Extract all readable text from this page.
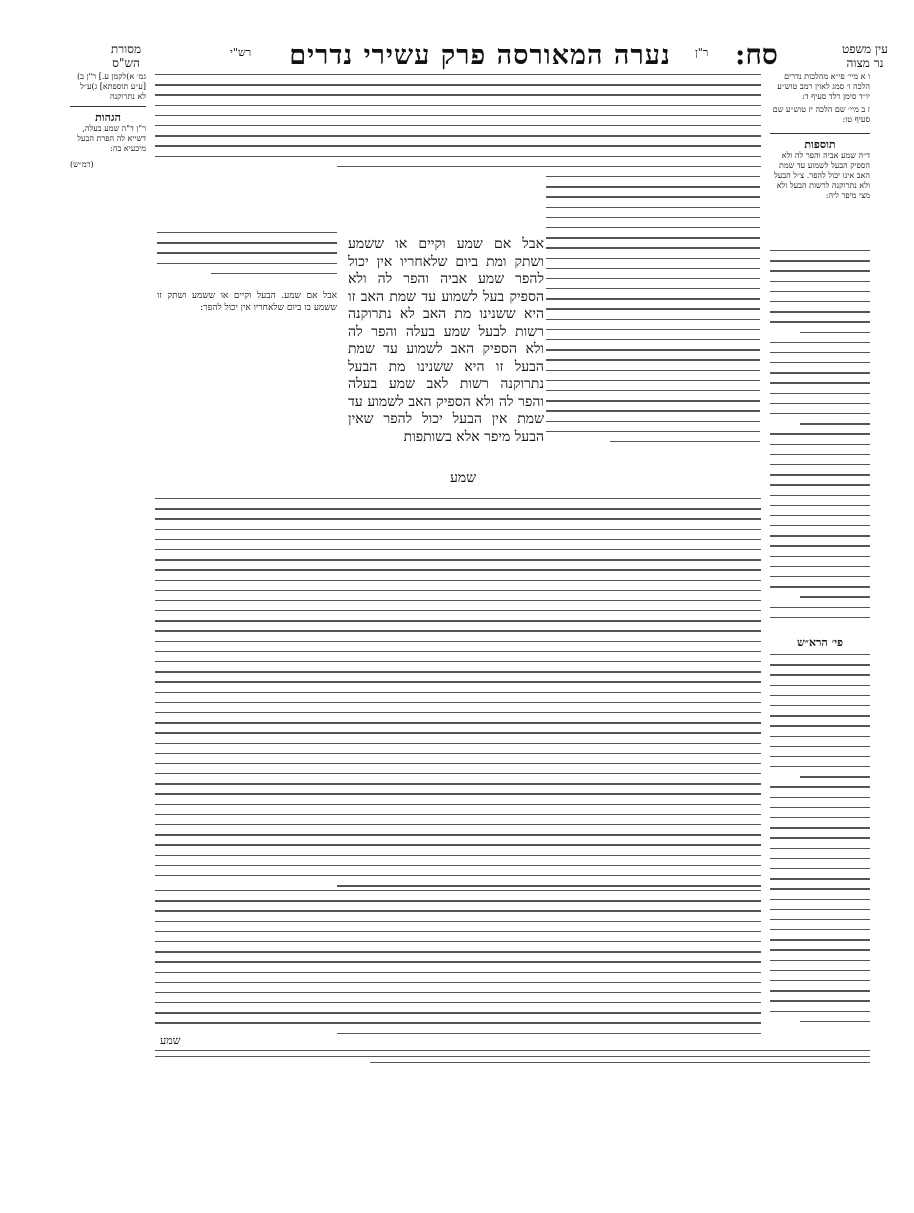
מסורת
הש"ס
רש"י	נערה המאורסה פרק עשירי נדרים	ר"ן סח:	עין משפט
נר מצוה
גמ׳ א)לקמן ע.] ר"ן ב)[ע״ע תוספתא] ג)ע״ל לא נתרוקנה
הגהות
ר"ן ד"ה שמע בעלה, דשייא לה הפרת הבעל מיבעיא בה:
(רמ״ש)
ו א מיי׳ פי״א מהלכות נדרים הלכה ו׳ סמג לאוין רמב טוש״ע יו״ד סימן רלד סעיף ד:
ז ב מיי׳ שם הלכה יז טוש״ע שם סעיף טו:
תוספות
ד״ה שמע אביה והפר לה ולא הספיק הבעל לשמוע עד שמת האב אינו יכול להפר. צ״ל הבעל ולא נתרוקנה לרשות הבעל ולא מצי מיפר ליה:
פי׳ הרא״ש
אבל אם שמע. הבעל וקיים או ששמע ושתק זו ששמע בו ביום שלאחריו אין יכול להפר:
אבל אם שמע וקיים או ששמע ושתק ומת ביום שלאחריו אין יכול להפר שמע אביה והפר לה ולא הספיק בעל לשמוע עד שמת האב זו היא ששנינו מת האב לא נתרוקנה רשות לבעל שמע בעלה והפר לה ולא הספיק האב לשמוע עד שמת הבעל זו היא ששנינו מת הבעל נתרוקנה רשות לאב שמע בעלה והפר לה ולא הספיק האב לשמוע עד שמת אין הבעל יכול להפר שאין הבעל מיפר אלא בשותפות
שמע
שמע
